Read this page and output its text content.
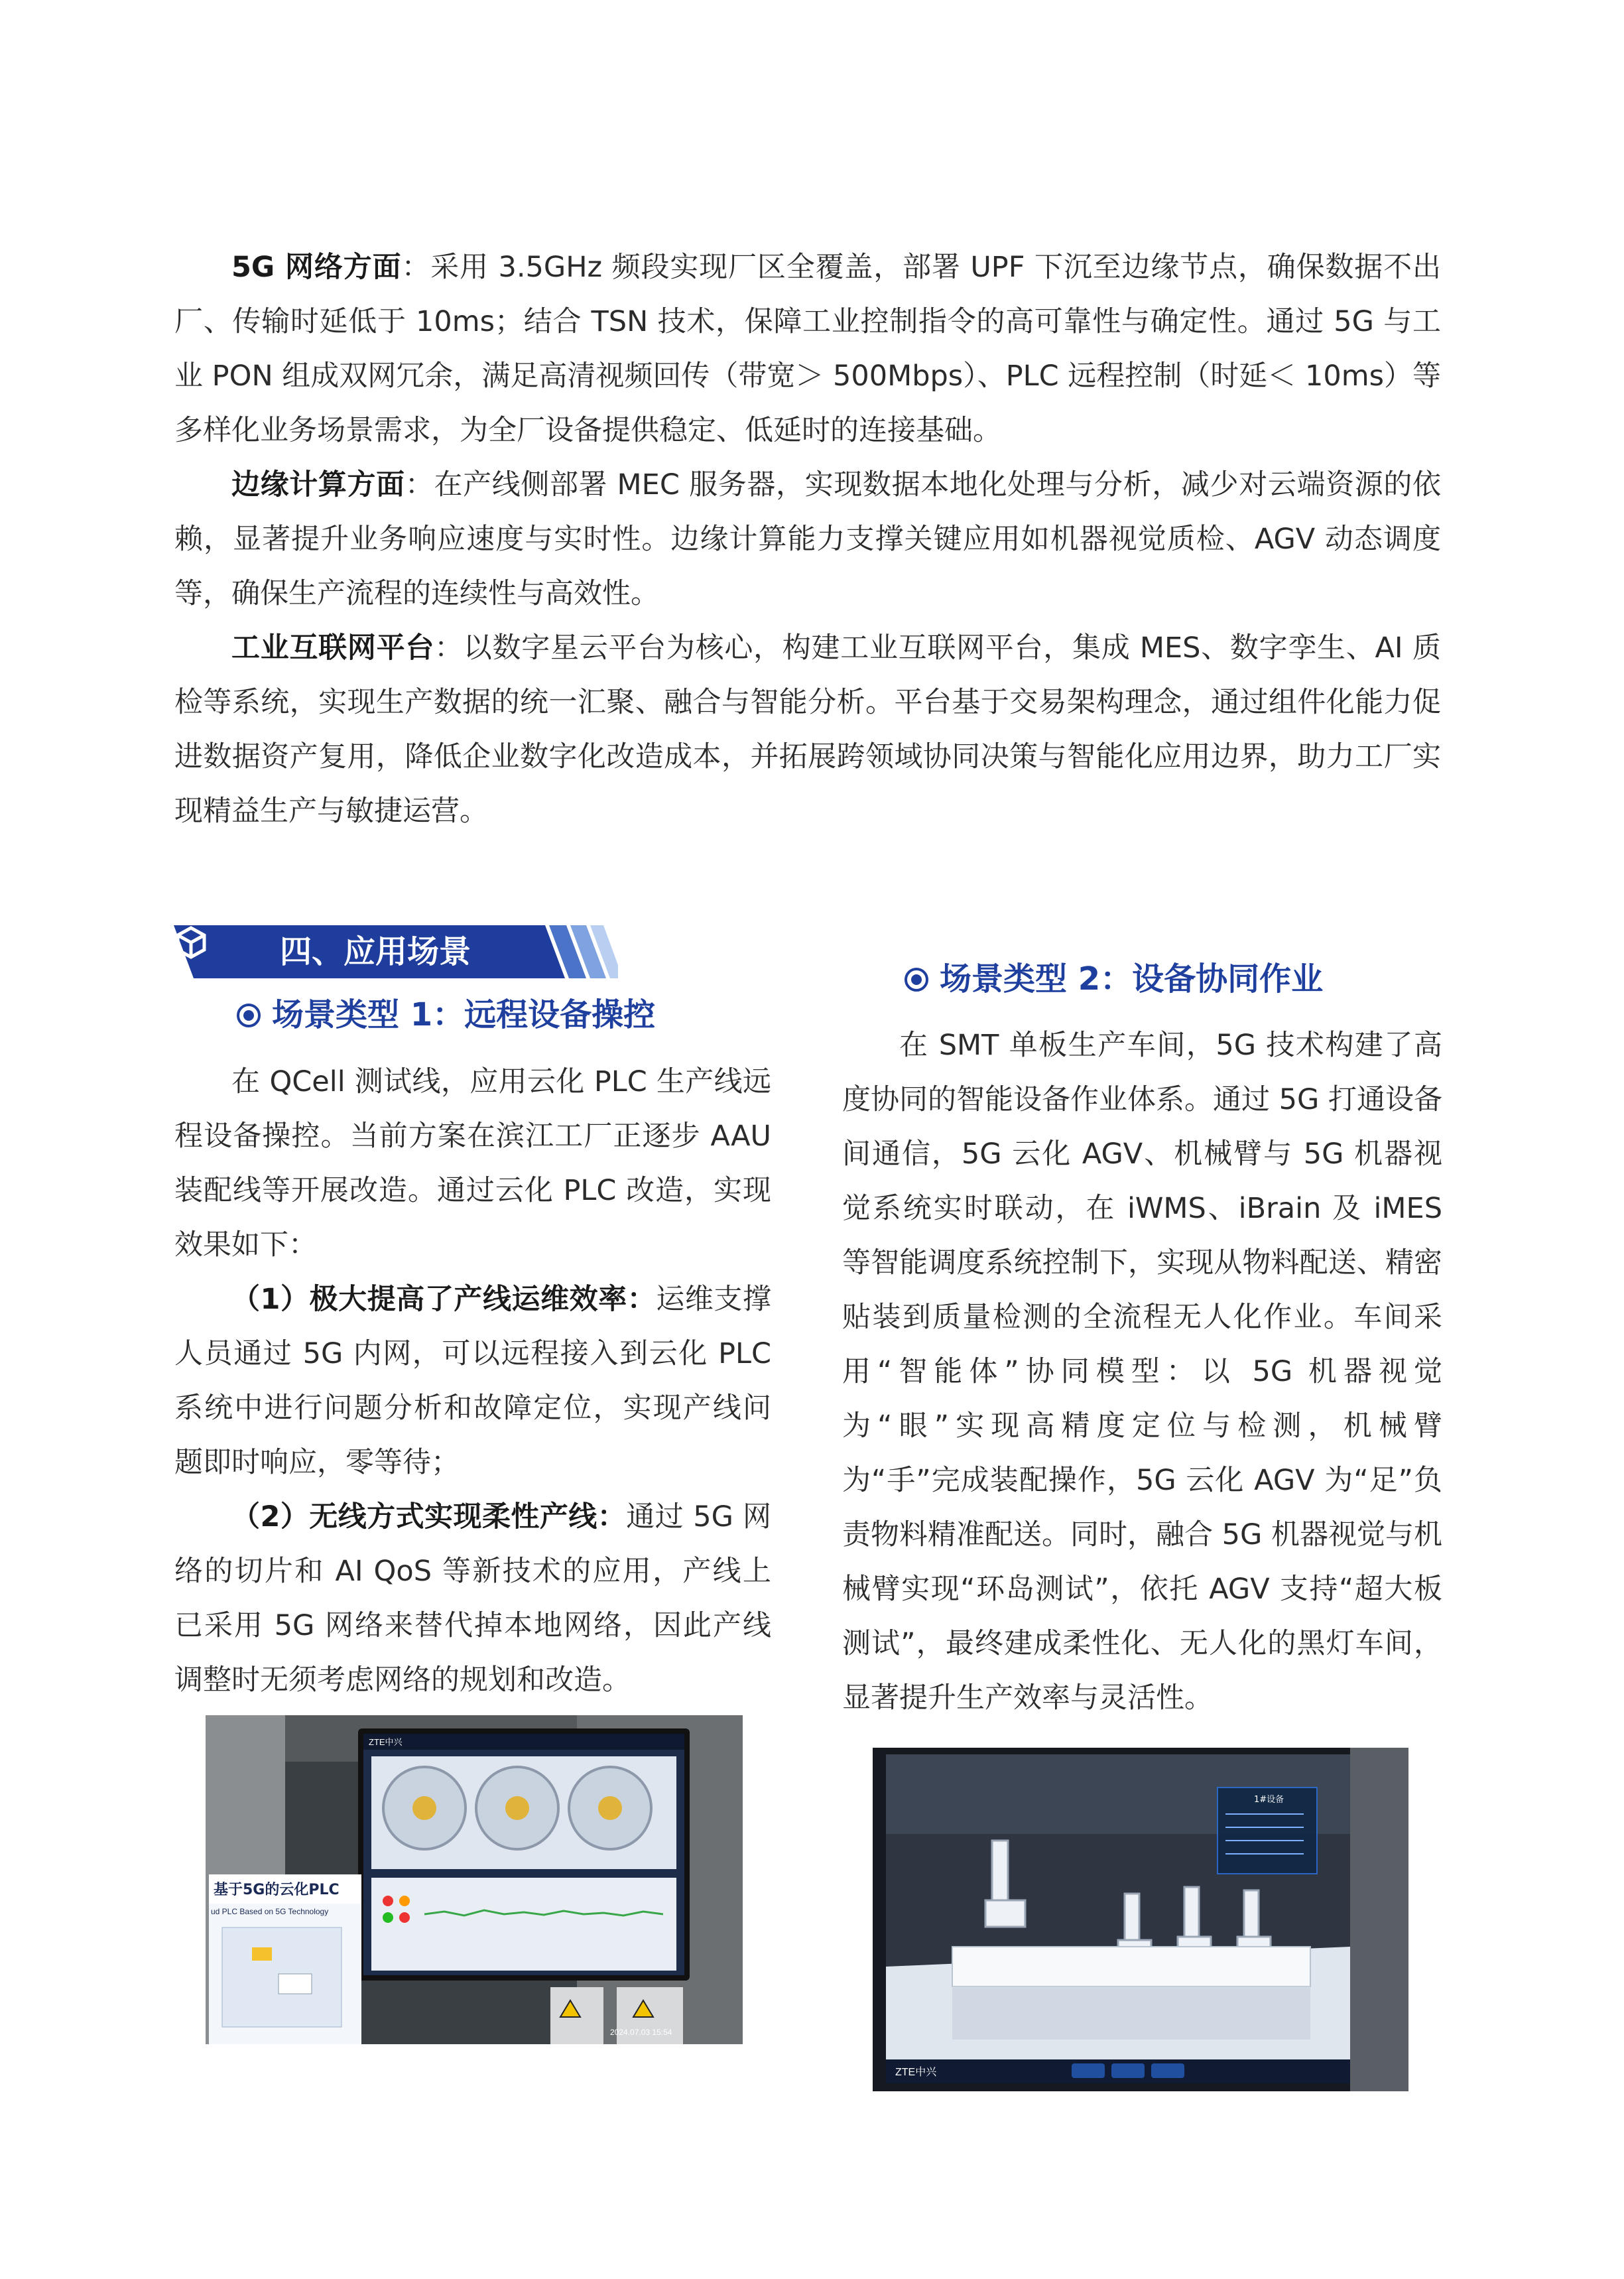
5G 网络方面：采用 3.5GHz 频段实现厂区全覆盖，部署 UPF 下沉至边缘节点，确保数据不出厂、传输时延低于 10ms；结合 TSN 技术，保障工业控制指令的高可靠性与确定性。通过 5G 与工业 PON 组成双网冗余，满足高清视频回传（带宽＞ 500Mbps）、PLC 远程控制（时延＜ 10ms）等多样化业务场景需求，为全厂设备提供稳定、低延时的连接基础。

边缘计算方面：在产线侧部署 MEC 服务器，实现数据本地化处理与分析，减少对云端资源的依赖，显著提升业务响应速度与实时性。边缘计算能力支撑关键应用如机器视觉质检、AGV 动态调度等，确保生产流程的连续性与高效性。

工业互联网平台：以数字星云平台为核心，构建工业互联网平台，集成 MES、数字孪生、AI 质检等系统，实现生产数据的统一汇聚、融合与智能分析。平台基于交易架构理念，通过组件化能力促进数据资产复用，降低企业数字化改造成本，并拓展跨领域协同决策与智能化应用边界，助力工厂实现精益生产与敏捷运营。

四、应用场景
场景类型 1：远程设备操控
场景类型 2：设备协同作业

在 QCell 测试线，应用云化 PLC 生产线远程设备操控。当前方案在滨江工厂正逐步 AAU 装配线等开展改造。通过云化 PLC 改造，实现效果如下：

（1）极大提高了产线运维效率：运维支撑人员通过 5G 内网，可以远程接入到云化 PLC 系统中进行问题分析和故障定位，实现产线问题即时响应，零等待；

（2）无线方式实现柔性产线：通过 5G 网络的切片和 AI QoS 等新技术的应用，产线上已采用 5G 网络来替代掉本地网络，因此产线调整时无须考虑网络的规划和改造。

在 SMT 单板生产车间，5G 技术构建了高度协同的智能设备作业体系。通过 5G 打通设备间通信，5G 云化 AGV、机械臂与 5G 机器视觉系统实时联动，在 iWMS、iBrain 及 iMES 等智能调度系统控制下，实现从物料配送、精密贴装到质量检测的全流程无人化作业。车间采用“智能体”协同模型：以 5G 机器视觉为“眼”实现高精度定位与检测，机械臂为“手”完成装配操作，5G 云化 AGV 为“足”负责物料精准配送。同时，融合 5G 机器视觉与机械臂实现“环岛测试”，依托 AGV 支持“超大板测试”，最终建成柔性化、无人化的黑灯车间，显著提升生产效率与灵活性。

ZTE中兴
基于5G的云化PLC
ud PLC Based on 5G Technology
2024.07.03 15:54
1#设备
ZTE中兴
